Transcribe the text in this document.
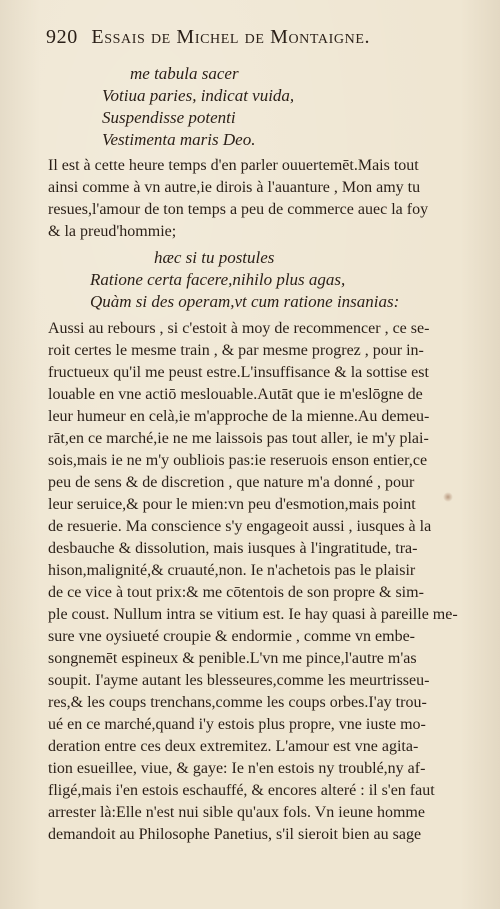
920 Essais de Michel de Montaigne.
me tabula sacer
Votiua paries, indicat vuida,
Suspendisse potenti
Vestimenta maris Deo.
Il est à cette heure temps d'en parler ouuertemēt.Mais tout
ainsi comme à vn autre,ie dirois à l'auanture , Mon amy tu
resues,l'amour de ton temps a peu de commerce auec la foy
& la preud'hommie;
hæc si tu postules
Ratione certa facere,nihilo plus agas,
Quàm si des operam,vt cum ratione insanias:
Aussi au rebours , si c'estoit à moy de recommencer , ce se-
roit certes le mesme train , & par mesme progrez , pour in-
fructueux qu'il me peust estre.L'insuffisance & la sottise est
louable en vne actiō meslouable.Autāt que ie m'eslōgne de
leur humeur en celà,ie m'approche de la mienne.Au demeu-
rāt,en ce marché,ie ne me laissois pas tout aller, ie m'y plai-
sois,mais ie ne m'y oubliois pas:ie reseruois enson entier,ce
peu de sens & de discretion , que nature m'a donné , pour
leur seruice,& pour le mien:vn peu d'esmotion,mais point
de resuerie. Ma conscience s'y engageoit aussi , iusques à la
desbauche & dissolution, mais iusques à l'ingratitude, tra-
hison,malignité,& cruauté,non. Ie n'achetois pas le plaisir
de ce vice à tout prix:& me cōtentois de son propre & sim-
ple coust. Nullum intra se vitium est. Ie hay quasi à pareille me-
sure vne oysiueté croupie & endormie , comme vn embe-
songnemēt espineux & penible.L'vn me pince,l'autre m'as
soupit. I'ayme autant les blesseures,comme les meurtrisseu-
res,& les coups trenchans,comme les coups orbes.I'ay trou-
ué en ce marché,quand i'y estois plus propre, vne iuste mo-
deration entre ces deux extremitez. L'amour est vne agita-
tion esueillee, viue, & gaye: Ie n'en estois ny troublé,ny af-
fligé,mais i'en estois eschauffé, & encores alteré : il s'en faut
arrester là:Elle n'est nui sible qu'aux fols. Vn ieune homme
demandoit au Philosophe Panetius, s'il sieroit bien au sage
